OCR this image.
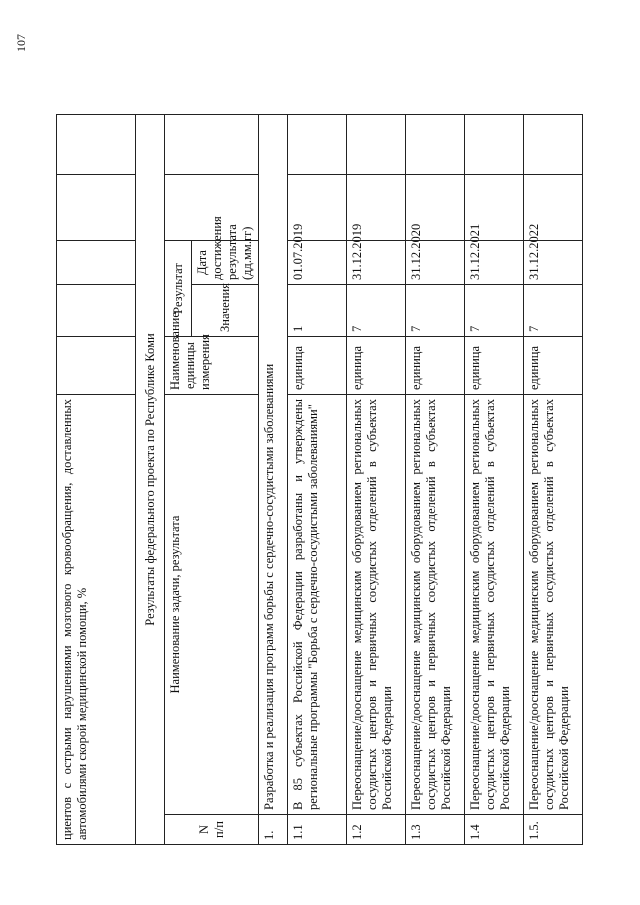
107
циентов с острыми нарушениями мозгового кровообращения, доставленных автомобилями скорой медицинской помощи, %						
Результаты федерального проекта по Республике Коми						
N п/п	Наименование задачи, результата	Наименование единицы измерения	Результат			
			Значения	Дата достижения результата (дд.мм.гг)		
1.	Разработка и реализация программ борьбы с сердечно-сосудистыми заболеваниями					
1.1	В 85 субъектах Российской Федерации разработаны и утверждены региональные программы "Борьба с сердечно-сосудистыми заболеваниями"	единица	1	01.07.2019		
1.2	Переоснащение/дооснащение медицинским оборудованием региональных сосудистых центров и первичных сосудистых отделений в субъектах Российской Федерации	единица	7	31.12.2019		
1.3	Переоснащение/дооснащение медицинским оборудованием региональных сосудистых центров и первичных сосудистых отделений в субъектах Российской Федерации	единица	7	31.12.2020		
1.4	Переоснащение/дооснащение медицинским оборудованием региональных сосудистых центров и первичных сосудистых отделений в субъектах Российской Федерации	единица	7	31.12.2021		
1.5.	Переоснащение/дооснащение медицинским оборудованием региональных сосудистых центров и первичных сосудистых отделений в субъектах Российской Федерации	единица	7	31.12.2022		
